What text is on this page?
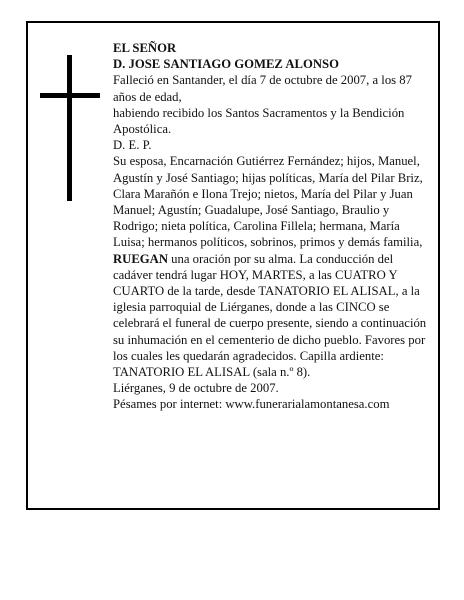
EL SEÑOR

D. JOSE SANTIAGO GOMEZ ALONSO

Falleció en Santander, el día 7 de octubre de 2007, a los 87 años de edad,

habiendo recibido los Santos Sacramentos y la Bendición Apostólica.

D. E. P.

Su esposa, Encarnación Gutiérrez Fernández; hijos, Manuel, Agustín y José Santiago; hijas políticas, María del Pilar Briz, Clara Marañón e Ilona Trejo; nietos, María del Pilar y Juan Manuel; Agustín; Guadalupe, José Santiago, Braulio y Rodrigo; nieta política, Carolina Fillela; hermana, María Luisa; hermanos políticos, sobrinos, primos y demás familia,

RUEGAN una oración por su alma. La conducción del cadáver tendrá lugar HOY, MARTES, a las CUATRO Y CUARTO de la tarde, desde TANATORIO EL ALISAL, a la iglesia parroquial de Liérganes, donde a las CINCO se celebrará el funeral de cuerpo presente, siendo a continuación su inhumación en el cementerio de dicho pueblo. Favores por los cuales les quedarán agradecidos. Capilla ardiente: TANATORIO EL ALISAL (sala n.º 8).

Liérganes, 9 de octubre de 2007.

Pésames por internet: www.funerarialamontanesa.com
